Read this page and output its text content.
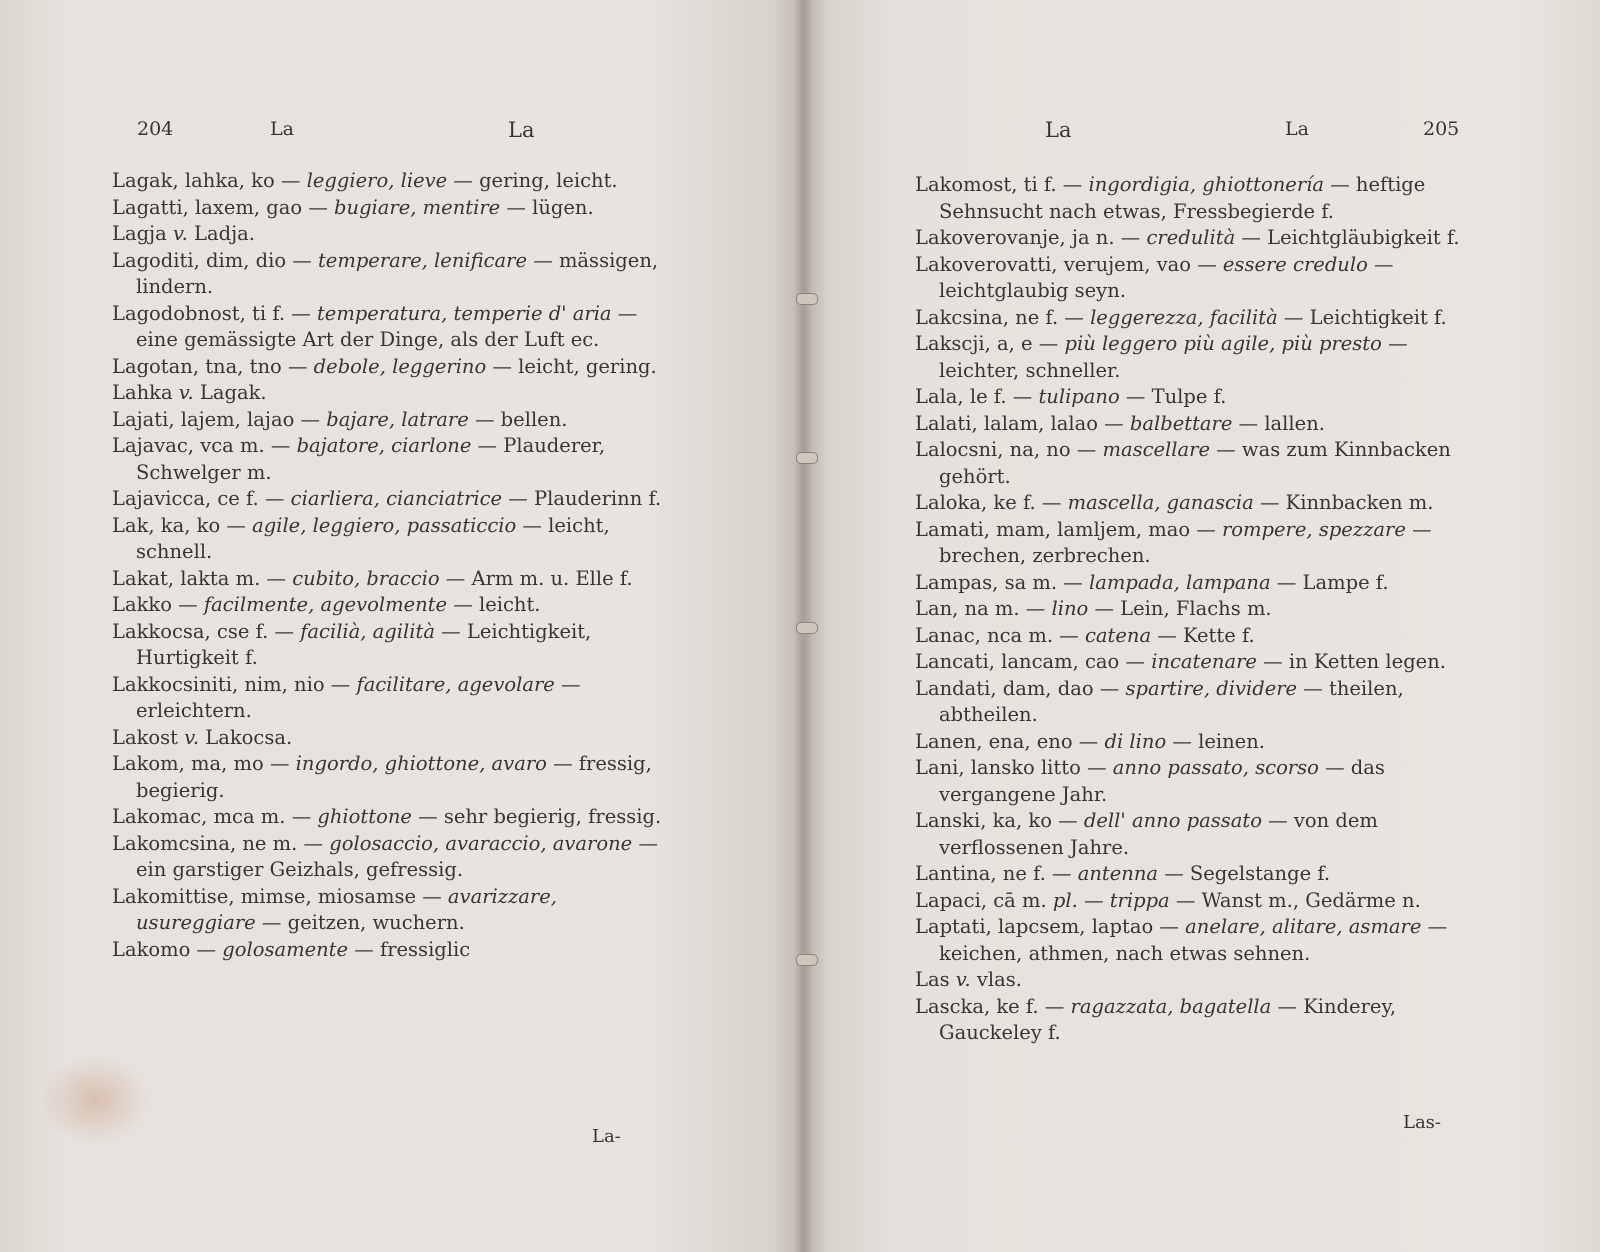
204	La	La
Lagak, lahka, ko — leggiero, lieve — gering, leicht.
Lagatti, laxem, gao — bugiare, mentire — lügen.
Lagja v. Ladja.
Lagoditi, dim, dio — temperare, lenificare — mässigen, lindern.
Lagodobnost, ti f. — temperatura, temperie d' aria — eine gemässigte Art der Dinge, als der Luft ec.
Lagotan, tna, tno — debole, leggerino — leicht, gering.
Lahka v. Lagak.
Lajati, lajem, lajao — bajare, latrare — bellen.
Lajavac, vca m. — bajatore, ciarlone — Plauderer, Schwelger m.
Lajavicca, ce f. — ciarliera, cianciatrice — Plauderinn f.
Lak, ka, ko — agile, leggiero, passaticcio — leicht, schnell.
Lakat, lakta m. — cubito, braccio — Arm m. u. Elle f.
Lakko — facilmente, agevolmente — leicht.
Lakkocsa, cse f. — facilià, agilità — Leichtigkeit, Hurtigkeit f.
Lakkocsiniti, nim, nio — facilitare, agevolare — erleichtern.
Lakost v. Lakocsa.
Lakom, ma, mo — ingordo, ghiottone, avaro — fressig, begierig.
Lakomac, mca m. — ghiottone — sehr begierig, fressig.
Lakomcsina, ne m. — golosaccio, avaraccio, avarone — ein garstiger Geizhals, gefressig.
Lakomittise, mimse, miosamse — avarizzare, usureggiare — geitzen, wuchern.
Lakomo — golosamente — fressiglic
La-
La	La	205
Lakomost, ti f. — ingordigia, ghiottonería — heftige Sehnsucht nach etwas, Fressbegierde f.
Lakoverovanje, ja n. — credulità — Leichtgläubigkeit f.
Lakoverovatti, verujem, vao — essere credulo — leichtglaubig seyn.
Lakcsina, ne f. — leggerezza, facilità — Leichtigkeit f.
Lakscji, a, e — più leggero più agile, più presto — leichter, schneller.
Lala, le f. — tulipano — Tulpe f.
Lalati, lalam, lalao — balbettare — lallen.
Lalocsni, na, no — mascellare — was zum Kinnbacken gehört.
Laloka, ke f. — mascella, ganascia — Kinnbacken m.
Lamati, mam, lamljem, mao — rompere, spezzare — brechen, zerbrechen.
Lampas, sa m. — lampada, lampana — Lampe f.
Lan, na m. — lino — Lein, Flachs m.
Lanac, nca m. — catena — Kette f.
Lancati, lancam, cao — incatenare — in Ketten legen.
Landati, dam, dao — spartire, dividere — theilen, abtheilen.
Lanen, ena, eno — di lino — leinen.
Lani, lansko litto — anno passato, scorso — das vergangene Jahr.
Lanski, ka, ko — dell' anno passato — von dem verflossenen Jahre.
Lantina, ne f. — antenna — Segelstange f.
Lapaci, cā m. pl. — trippa — Wanst m., Gedärme n.
Laptati, lapcsem, laptao — anelare, alitare, asmare — keichen, athmen, nach etwas sehnen.
Las v. vlas.
Lascka, ke f. — ragazzata, bagatella — Kinderey, Gauckeley f.
Las-
